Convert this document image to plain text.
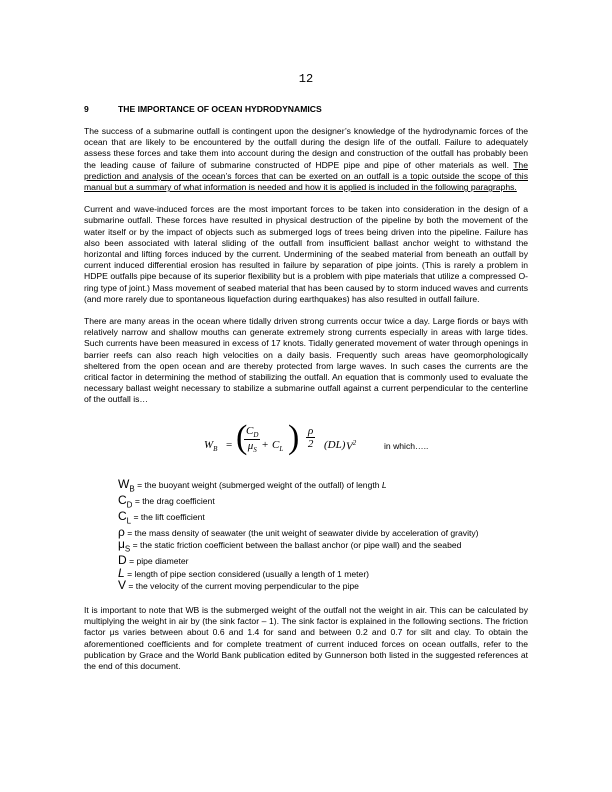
12
9	THE IMPORTANCE OF OCEAN HYDRODYNAMICS

The success of a submarine outfall is contingent upon the designer’s knowledge of the hydrodynamic forces of the ocean that are likely to be encountered by the outfall during the design life of the outfall. Failure to adequately assess these forces and take them into account during the design and construction of the outfall has probably been the leading cause of failure of submarine constructed of HDPE pipe and pipe of other materials as well. The prediction and analysis of the ocean’s forces that can be exerted on an outfall is a topic outside the scope of this manual but a summary of what information is needed and how it is applied is included in the following paragraphs.

Current and wave-induced forces are the most important forces to be taken into consideration in the design of a submarine outfall. These forces have resulted in physical destruction of the pipeline by both the movement of the water itself or by the impact of objects such as submerged logs of trees being driven into the pipeline. Failure has also been associated with lateral sliding of the outfall from insufficient ballast anchor weight to withstand the horizontal and lifting forces induced by the current. Undermining of the seabed material from beneath an outfall by current induced differential erosion has resulted in failure by separation of pipe joints. (This is rarely a problem in HDPE outfalls pipe because of its superior flexibility but is a problem with pipe materials that utilize a compressed O-ring type of joint.) Mass movement of seabed material that has been caused by to storm induced waves and currents (and more rarely due to spontaneous liquefaction during earthquakes) has also resulted in outfall failure.

There are many areas in the ocean where tidally driven strong currents occur twice a day. Large fiords or bays with relatively narrow and shallow mouths can generate extremely strong currents especially in areas with large tides. Such currents have been measured in excess of 17 knots. Tidally generated movement of water through openings in barrier reefs can also reach high velocities on a daily basis. Frequently such areas have geomorphologically sheltered from the open ocean and are thereby protected from large waves. In such cases the currents are the critical factor in determining the method of stabilizing the outfall. An equation that is commonly used to evaluate the necessary ballast weight necessary to stabilize a submarine outfall against a current perpendicular to the centerline of the outfall is…

$W_B$ = (
$\frac{C_D}{\mu_S} + C_L$ ) $\frac{\rho}{2} (DL)$ $V^2$	in which…..
$W_B$ = the buoyant weight (submerged weight of the outfall) of length L
$C_D$ = the drag coefficient
$C_L$ = the lift coefficient
ρ = the mass density of seawater (the unit weight of seawater divide by acceleration of gravity)
$\mu_S$ = the static friction coefficient between the ballast anchor (or pipe wall) and the seabed
D = pipe diameter
L = length of pipe section considered (usually a length of 1 meter)
V = the velocity of the current moving perpendicular to the pipe

It is important to note that WB is the submerged weight of the outfall not the weight in air. This can be calculated by multiplying the weight in air by (the sink factor – 1). The sink factor is explained in the following sections. The friction factor μs varies between about 0.6 and 1.4 for sand and between 0.2 and 0.7 for silt and clay. To obtain the aforementioned coefficients and for complete treatment of current induced forces on ocean outfalls, refer to the publication by Grace and the World Bank publication edited by Gunnerson both listed in the suggested references at the end of this document.
